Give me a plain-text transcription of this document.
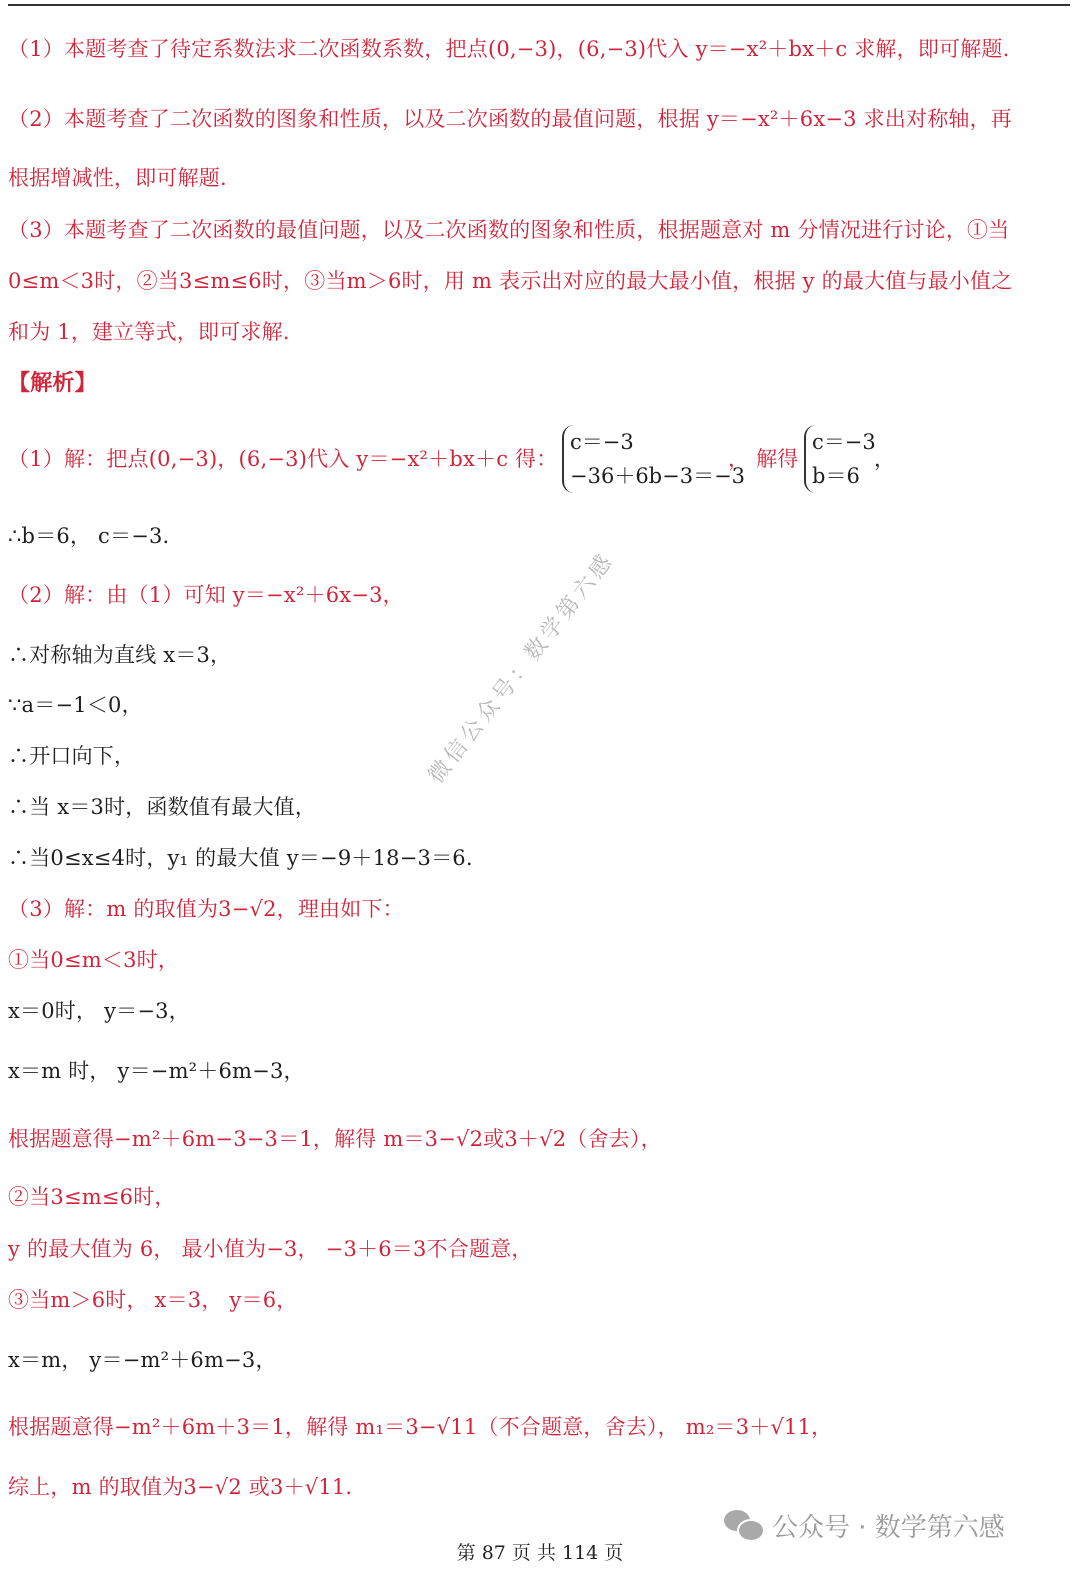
（1）本题考查了待定系数法求二次函数系数，把点(0,−3)，(6,−3)代入 y＝−x²＋bx＋c 求解，即可解题.
（2）本题考查了二次函数的图象和性质，以及二次函数的最值问题，根据 y＝−x²＋6x−3 求出对称轴，再
根据增减性，即可解题.
（3）本题考查了二次函数的最值问题，以及二次函数的图象和性质，根据题意对 m 分情况进行讨论，①当
0≤m＜3时，②当3≤m≤6时，③当m＞6时，用 m 表示出对应的最大最小值，根据 y 的最大值与最小值之
和为 1，建立等式，即可求解.
（1）解：把点(0,−3)，(6,−3)代入 y＝−x²＋bx＋c 得：
∴b＝6， c＝−3.
（2）解：由（1）可知 y＝−x²＋6x−3，
∴对称轴为直线 x＝3，
∵a＝−1＜0，
∴开口向下，
∴当 x＝3时，函数值有最大值，
∴当0≤x≤4时，y₁ 的最大值 y＝−9＋18−3＝6.
（3）解：m 的取值为3−√2，理由如下：
①当0≤m＜3时，
x＝0时， y＝−3，
x＝m 时， y＝−m²＋6m−3，
根据题意得−m²＋6m−3−3＝1，解得 m＝3−√2或3＋√2（舍去），
②当3≤m≤6时，
y 的最大值为 6， 最小值为−3， −3＋6＝3不合题意，
③当m＞6时， x＝3， y＝6，
x＝m， y＝−m²＋6m−3，
根据题意得−m²＋6m＋3＝1，解得 m₁＝3−√11（不合题意，舍去）， m₂＝3＋√11，
综上，m 的取值为3−√2 或3＋√11.
【解析】
c＝−3
−36＋6b−3＝−3
， 解得
c＝−3
b＝6
，
微信公众号：数学第六感
公众号 · 数学第六感
第 87 页 共 114 页
